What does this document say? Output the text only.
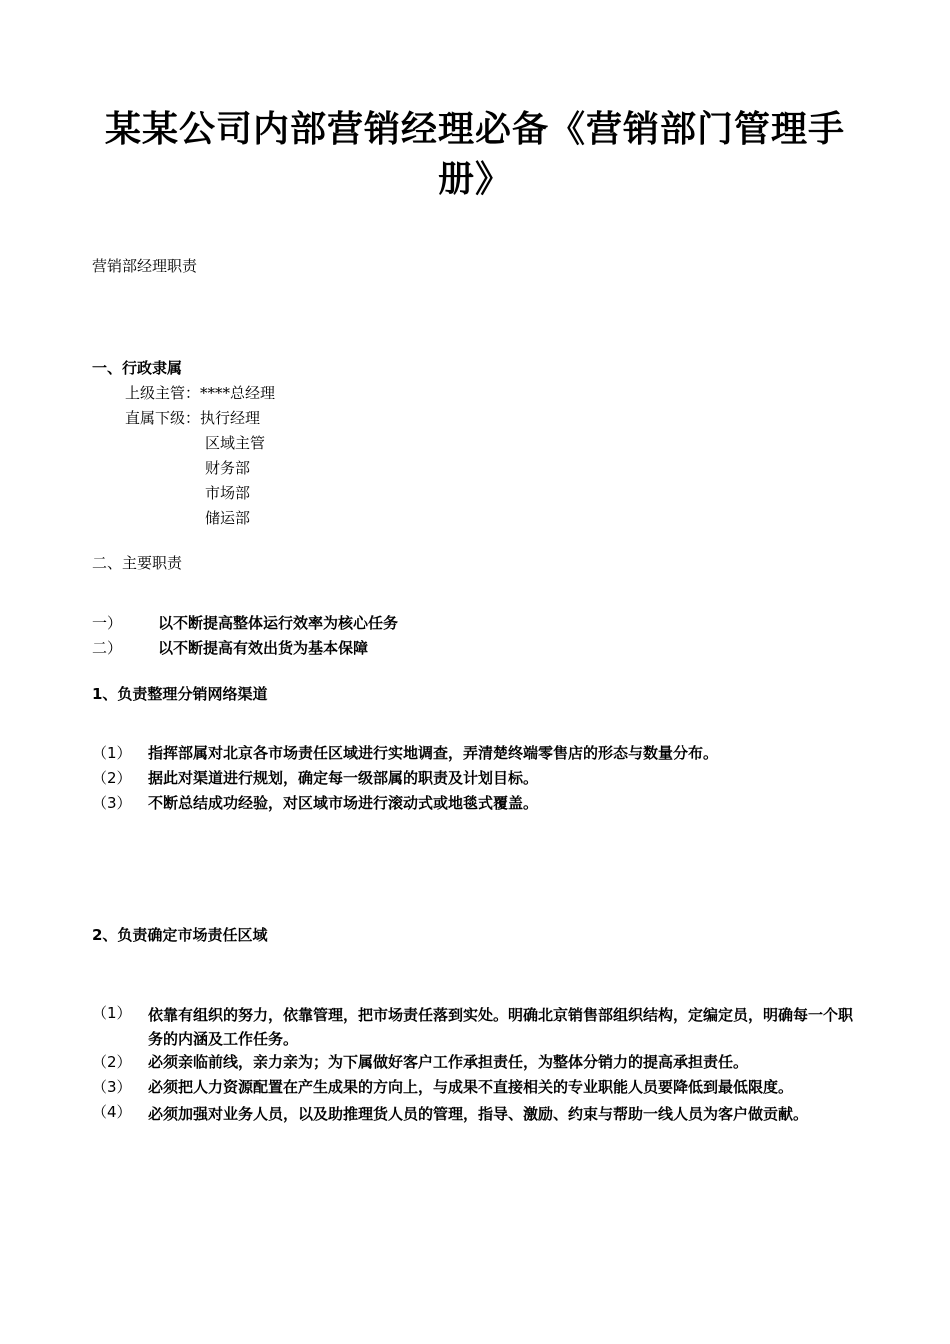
某某公司内部营销经理必备《营销部门管理手册》
营销部经理职责
一、行政隶属
上级主管：****总经理
直属下级：执行经理
区域主管
财务部
市场部
储运部
二、主要职责
一） 以不断提高整体运行效率为核心任务
二） 以不断提高有效出货为基本保障
1、负责整理分销网络渠道
（1） 指挥部属对北京各市场责任区域进行实地调查，弄清楚终端零售店的形态与数量分布。
（2） 据此对渠道进行规划，确定每一级部属的职责及计划目标。
（3） 不断总结成功经验，对区域市场进行滚动式或地毯式覆盖。
2、负责确定市场责任区域
（1） 依靠有组织的努力，依靠管理，把市场责任落到实处。明确北京销售部组织结构，定编定员，明确每一个职务的内涵及工作任务。
（2） 必须亲临前线，亲力亲为；为下属做好客户工作承担责任，为整体分销力的提高承担责任。
（3） 必须把人力资源配置在产生成果的方向上，与成果不直接相关的专业职能人员要降低到最低限度。
（4） 必须加强对业务人员，以及助推理货人员的管理，指导、激励、约束与帮助一线人员为客户做贡献。
